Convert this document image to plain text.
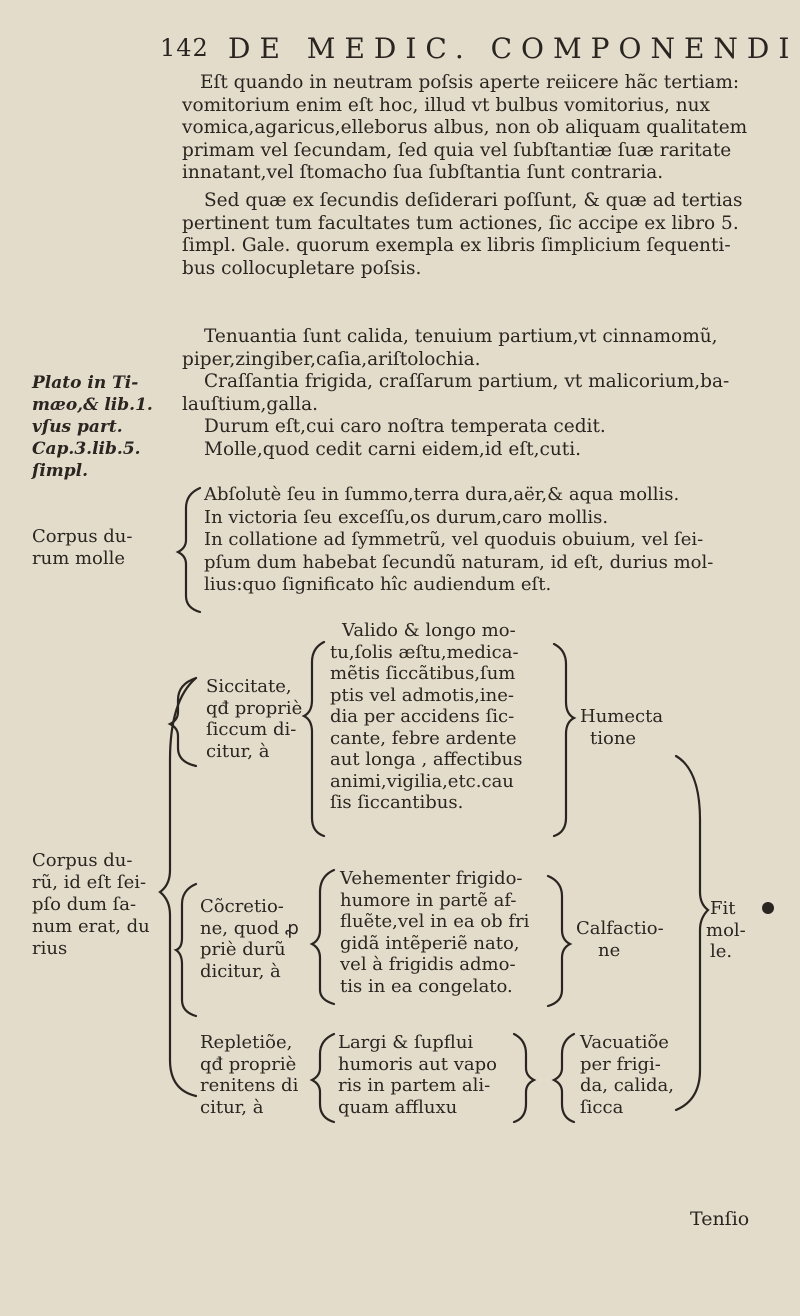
142 DE MEDIC. COMPONENDI
Eſt quando in neutram poſsis aperte reiicere hãc tertiam:
vomitorium enim eſt hoc, illud vt bulbus vomitorius, nux
vomica,agaricus,elleborus albus, non ob aliquam qualitatem
primam vel ſecundam, ſed quia vel ſubſtantiæ ſuæ raritate
innatant,vel ſtomacho ſua ſubſtantia ſunt contraria.
Sed quæ ex ſecundis deſiderari poſſunt, & quæ ad tertias
pertinent tum facultates tum actiones, ſic accipe ex libro 5.
ſimpl. Gale. quorum exempla ex libris ſimplicium ſequenti-
bus collocupletare poſsis.
Tenuantia ſunt calida, tenuium partium,vt cinnamomũ,
piper,zingiber,caſia,ariſtolochia.
Craſſantia frigida, craſſarum partium, vt malicorium,ba-
lauſtium,galla.
Durum eſt,cui caro noſtra temperata cedit.
Molle,quod cedit carni eidem,id eſt,cuti.
Abſolutè ſeu in ſummo,terra dura,aër,& aqua mollis.
In victoria ſeu exceſſu,os durum,caro mollis.
In collatione ad ſymmetrũ, vel quoduis obuium, vel ſei-
pſum dum habebat ſecundũ naturam, id eſt, durius mol-
lius:quo ſignificato hîc audiendum eſt.
Plato in Ti-
mæo,& lib.1.
vſus part.
Cap.3.lib.5.
ſimpl.
Corpus du-
rum molle
Corpus du-
rũ, id eſt ſei-
pſo dum ſa-
num erat, du
rius
Siccitate,
qđ propriè
ſiccum di-
citur, à
Valido & longo mo-
tu,ſolis æſtu,medica-
mẽtis ſiccãtibus,ſum
ptis vel admotis,ine-
dia per accidens ſic-
cante, febre ardente
aut longa , affectibus
animi,vigilia,etc.cau
ſis ſiccantibus.
Humecta
tione
Cõcretio-
ne, quod ꝓ
priè durũ
dicitur, à
Vehementer frigido-
humore in partẽ af-
fluẽte,vel in ea ob fri
gidã intẽperiẽ nato,
vel à frigidis admo-
tis in ea congelato.
Calfactio-
ne
Fit
mol-
le.
Repletiõe,
qđ propriè
renitens di
citur, à
Largi & ſupflui
humoris aut vapo
ris in partem ali-
quam affluxu
Vacuatiõe
per frigi-
da, calida,
ſicca
Tenſio
